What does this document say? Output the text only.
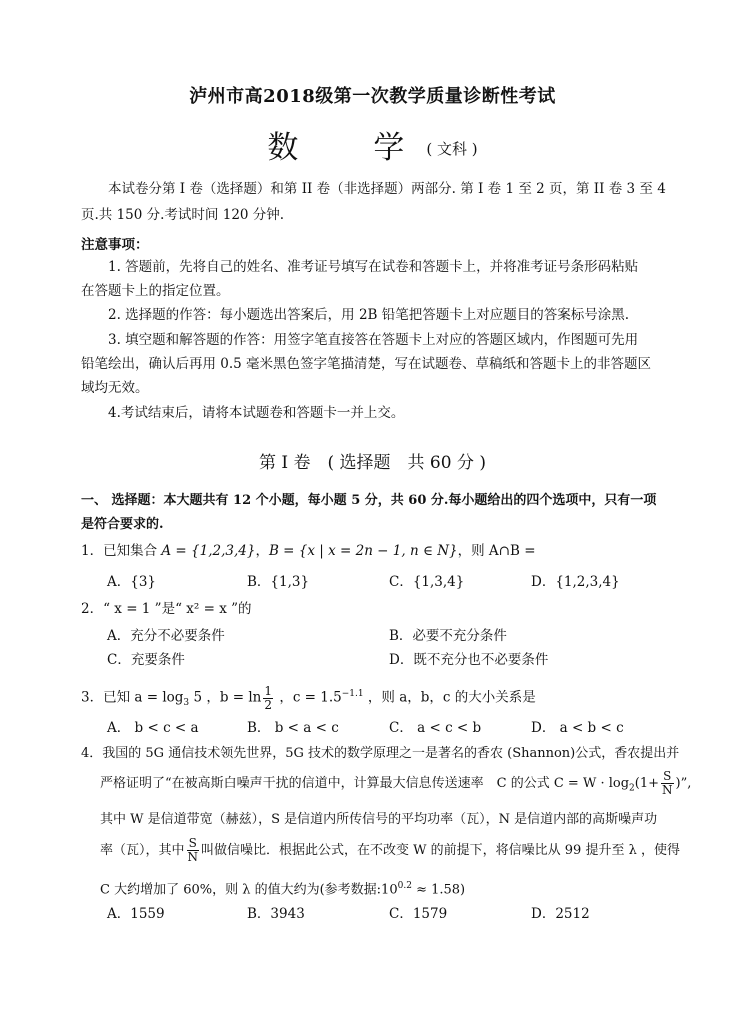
泸州市高2018级第一次教学质量诊断性考试
数　学( 文科 )
本试卷分第 I 卷（选择题）和第 II 卷（非选择题）两部分. 第 I 卷 1 至 2 页，第 II 卷 3 至 4
页.共 150 分.考试时间 120 分钟.
注意事项：
1. 答题前，先将自己的姓名、准考证号填写在试卷和答题卡上，并将准考证号条形码粘贴
在答题卡上的指定位置。
2. 选择题的作答：每小题选出答案后，用 2B 铅笔把答题卡上对应题目的答案标号涂黑.
3. 填空题和解答题的作答：用签字笔直接答在答题卡上对应的答题区域内，作图题可先用
铅笔绘出，确认后再用 0.5 毫米黑色签字笔描清楚，写在试题卷、草稿纸和答题卡上的非答题区
域均无效。
4.考试结束后，请将本试题卷和答题卡一并上交。
第 I 卷　( 选择题　共 60 分 )
一、 选择题：本大题共有 12 个小题，每小题 5 分，共 60 分.每小题给出的四个选项中，只有一项
是符合要求的.
1．已知集合 A = {1,2,3,4}，B = {x | x = 2n − 1, n ∈ N}，则 A∩B =
A．{3}	B．{1,3}	C．{1,3,4}	D．{1,2,3,4}
2．“ x = 1 ”是“ x² = x ”的
A．充分不必要条件	B．必要不充分条件
C．充要条件	D．既不充分也不必要条件
3．已知 $a = \log_3 5$ ，$b = \ln \frac{1}{2}$ ，$c = 1.5^{-1.1}$ ，则 a，b，c 的大小关系是
A． b < c < a	B． b < a < c	C． a < c < b	D． a < b < c
4．我国的 5G 通信技术领先世界，5G 技术的数学原理之一是著名的香农 (Shannon)公式，香农提出并
严格证明了“在被高斯白噪声干扰的信道中，计算最大信息传送速率　C 的公式 $C = W \cdot \log_2(1+ \frac{S}{N}$ )”,
其中 W 是信道带宽（赫兹），S 是信道内所传信号的平均功率（瓦），N 是信道内部的高斯噪声功
率（瓦），其中 $\frac{S}{N}$ 叫做信噪比．根据此公式，在不改变 W 的前提下，将信噪比从 99 提升至 λ ，使得
C 大约增加了 60%，则 λ 的值大约为(参考数据$:10^{0.2} \approx 1.58$)
A．1559	B．3943	C．1579	D．2512
